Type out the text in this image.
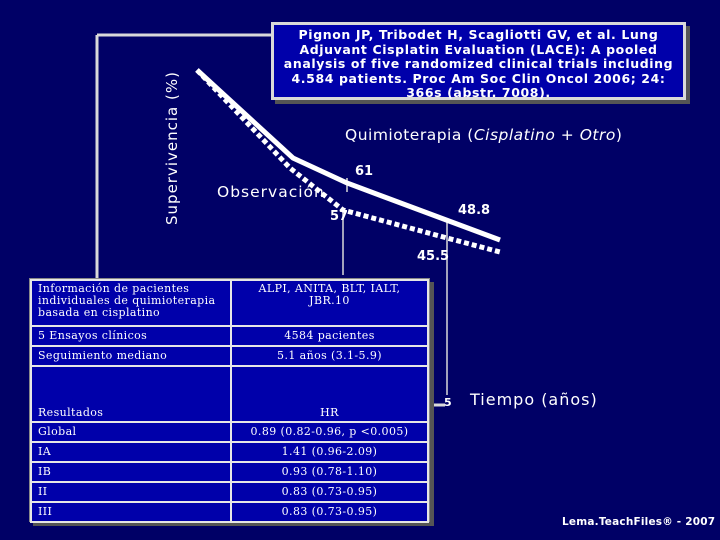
Supervivencia (%)
Pignon JP, Tribodet H, Scagliotti GV, et al. Lung Adjuvant Cisplatin Evaluation (LACE): A pooled analysis of five randomized clinical trials including 4.584 patients. Proc Am Soc Clin Oncol 2006; 24: 366s (abstr. 7008).
Quimioterapia (Cisplatino + Otro)
Observación
61
57	48.8
45.5
5 Tiempo (años)
Información de pacientes individuales de quimioterapia basada en cisplatino	ALPI, ANITA, BLT, IALT, JBR.10
5 Ensayos clínicos	4584 pacientes
Seguimiento mediano	5.1 años (3.1-5.9)
Resultados	HR
Global	0.89 (0.82-0.96, p <0.005)
IA	1.41 (0.96-2.09)
IB	0.93 (0.78-1.10)
II	0.83 (0.73-0.95)
III	0.83 (0.73-0.95)
Lema.TeachFiles® - 2007
